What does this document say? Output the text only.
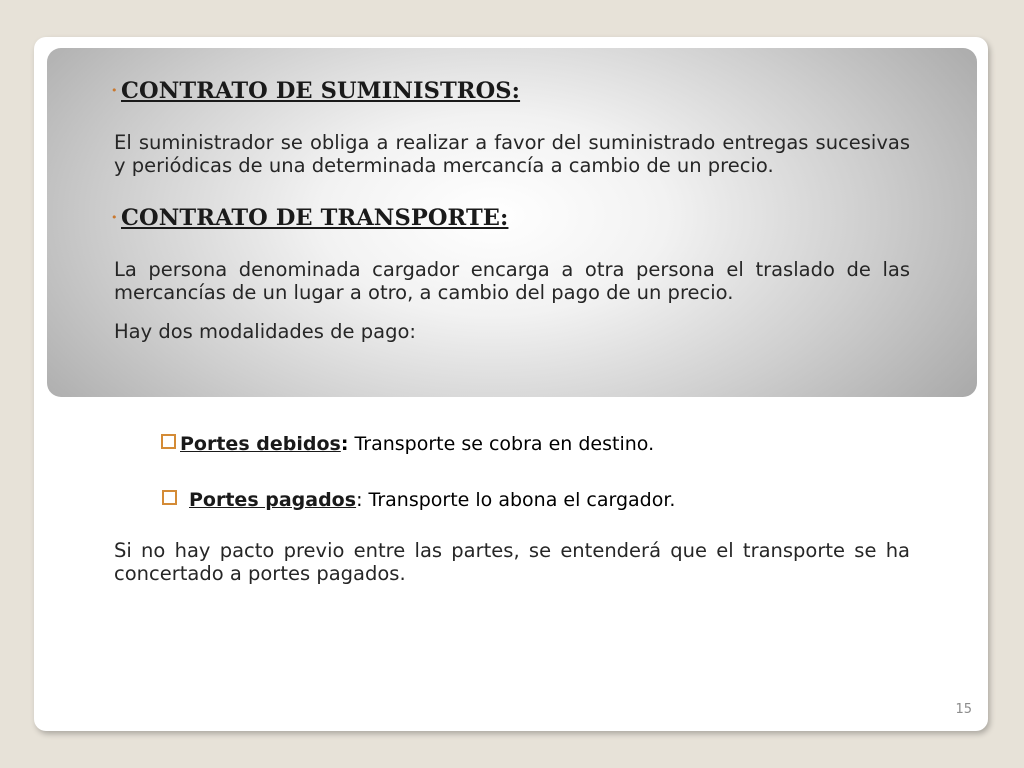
• CONTRATO DE SUMINISTROS:
El suministrador se obliga a realizar a favor del suministrado entregas sucesivas y periódicas de una determinada mercancía a cambio de un precio.
• CONTRATO DE TRANSPORTE:
La persona denominada cargador encarga a otra persona el traslado de las mercancías de un lugar a otro, a cambio del pago de un precio.
Hay dos modalidades de pago:
Portes debidos: Transporte se cobra en destino.
Portes pagados: Transporte lo abona el cargador.
Si no hay pacto previo entre las partes, se entenderá que el transporte se ha concertado a portes pagados.
15
